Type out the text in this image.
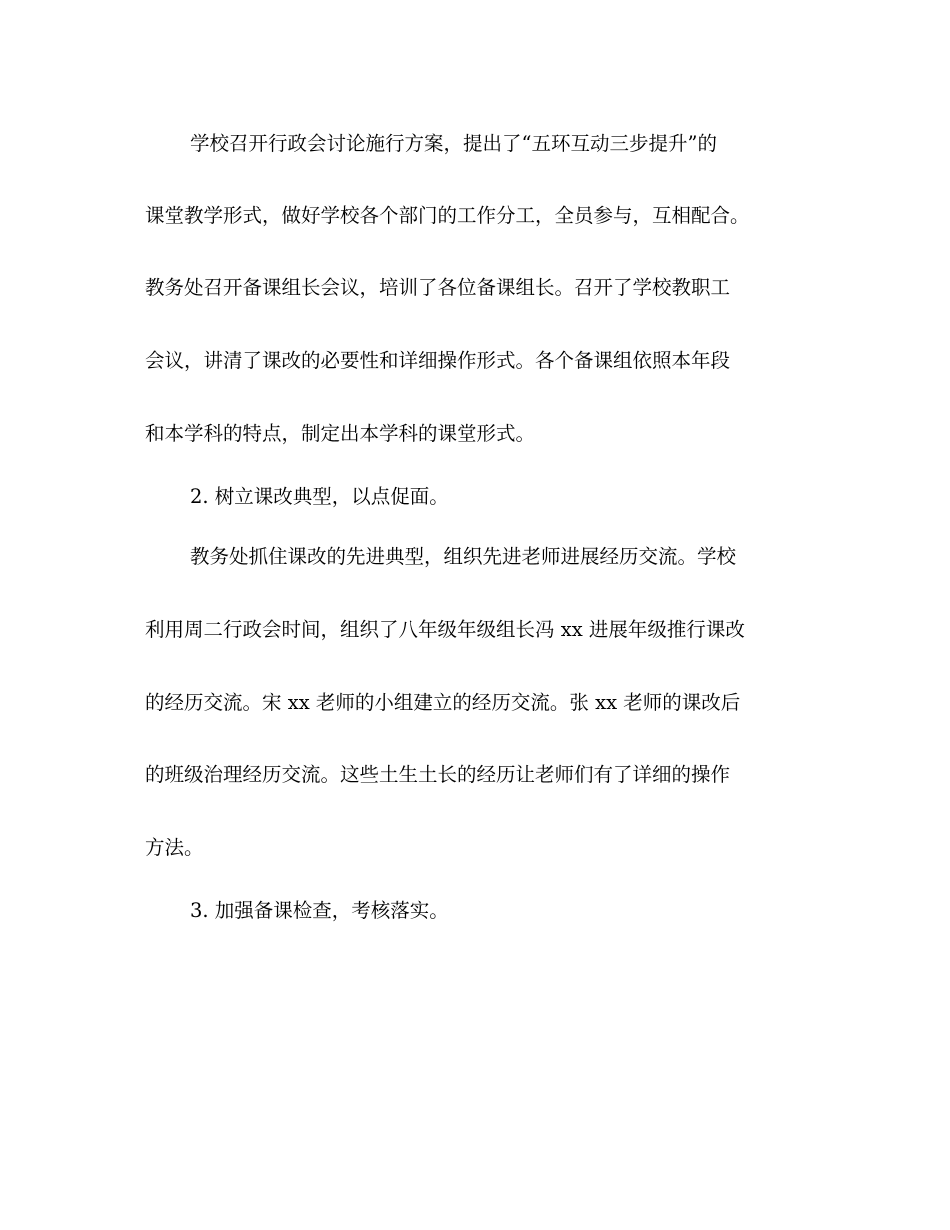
学校召开行政会讨论施行方案，提出了“五环互动三步提升”的
课堂教学形式，做好学校各个部门的工作分工，全员参与，互相配合。
教务处召开备课组长会议，培训了各位备课组长。召开了学校教职工
会议，讲清了课改的必要性和详细操作形式。各个备课组依照本年段
和本学科的特点，制定出本学科的课堂形式。
2. 树立课改典型，以点促面。
教务处抓住课改的先进典型，组织先进老师进展经历交流。学校
利用周二行政会时间，组织了八年级年级组长冯 xx 进展年级推行课改
的经历交流。宋 xx 老师的小组建立的经历交流。张 xx 老师的课改后
的班级治理经历交流。这些土生土长的经历让老师们有了详细的操作
方法。
3. 加强备课检查，考核落实。
